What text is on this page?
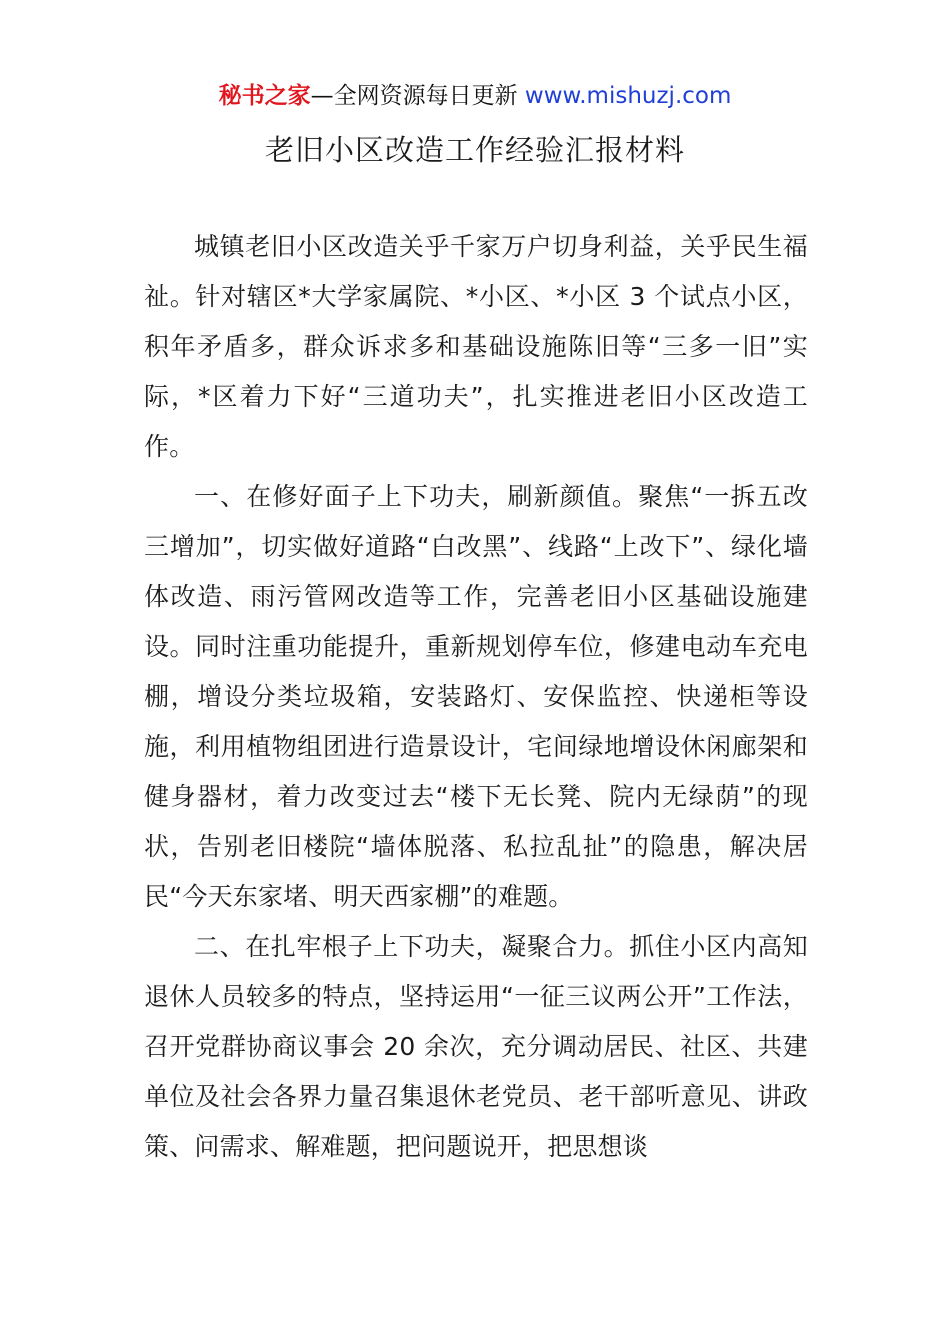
秘书之家—全网资源每日更新 www.mishuzj.com
老旧小区改造工作经验汇报材料

城镇老旧小区改造关乎千家万户切身利益，关乎民生福祉。针对辖区*大学家属院、*小区、*小区 3 个试点小区，积年矛盾多，群众诉求多和基础设施陈旧等“三多一旧”实际，*区着力下好“三道功夫”，扎实推进老旧小区改造工作。

一、在修好面子上下功夫，刷新颜值。聚焦“一拆五改三增加”，切实做好道路“白改黑”、线路“上改下”、绿化墙体改造、雨污管网改造等工作，完善老旧小区基础设施建设。同时注重功能提升，重新规划停车位，修建电动车充电棚，增设分类垃圾箱，安装路灯、安保监控、快递柜等设施，利用植物组团进行造景设计，宅间绿地增设休闲廊架和健身器材，着力改变过去“楼下无长凳、院内无绿荫”的现状，告别老旧楼院“墙体脱落、私拉乱扯”的隐患，解决居民“今天东家堵、明天西家棚”的难题。

二、在扎牢根子上下功夫，凝聚合力。抓住小区内高知退休人员较多的特点，坚持运用“一征三议两公开”工作法，召开党群协商议事会 20 余次，充分调动居民、社区、共建单位及社会各界力量召集退休老党员、老干部听意见、讲政策、问需求、解难题，把问题说开，把思想谈
